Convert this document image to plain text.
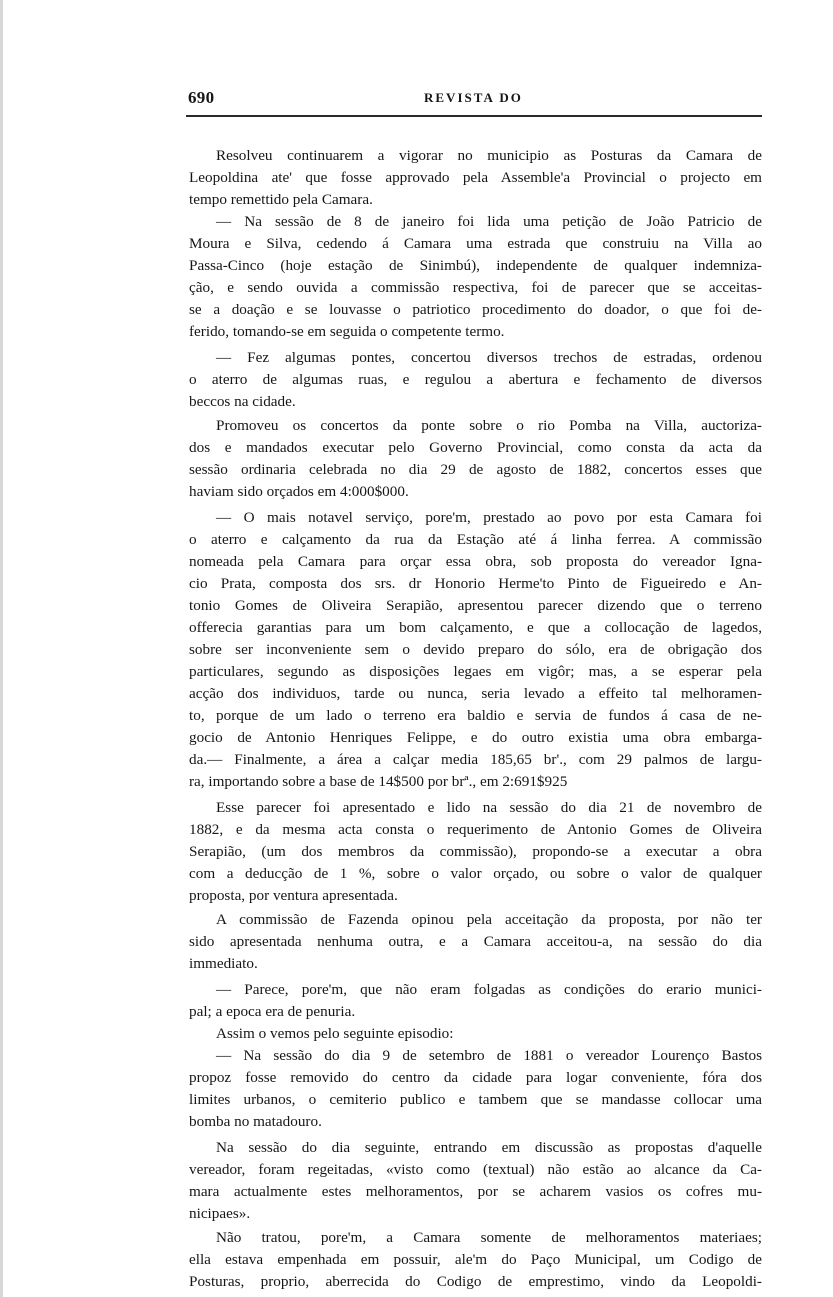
690	REVISTA DO
Resolveu continuarem a vigorar no municipio as Posturas da Camara de
Leopoldina ate' que fosse approvado pela Assemble'a Provincial o projecto em
tempo remettido pela Camara.
— Na sessão de 8 de janeiro foi lida uma petição de João Patricio de
Moura e Silva, cedendo á Camara uma estrada que construiu na Villa ao
Passa-Cinco (hoje estação de Sinimbú), independente de qualquer indemniza-
ção, e sendo ouvida a commissão respectiva, foi de parecer que se acceitas-
se a doação e se louvasse o patriotico procedimento do doador, o que foi de-
ferido, tomando-se em seguida o competente termo.
— Fez algumas pontes, concertou diversos trechos de estradas, ordenou
o aterro de algumas ruas, e regulou a abertura e fechamento de diversos
beccos na cidade.
Promoveu os concertos da ponte sobre o rio Pomba na Villa, auctoriza-
dos e mandados executar pelo Governo Provincial, como consta da acta da
sessão ordinaria celebrada no dia 29 de agosto de 1882, concertos esses que
haviam sido orçados em 4:000$000.
— O mais notavel serviço, pore'm, prestado ao povo por esta Camara foi
o aterro e calçamento da rua da Estação até á linha ferrea. A commissão
nomeada pela Camara para orçar essa obra, sob proposta do vereador Igna-
cio Prata, composta dos srs. dr Honorio Herme'to Pinto de Figueiredo e An-
tonio Gomes de Oliveira Serapião, apresentou parecer dizendo que o terreno
offerecia garantias para um bom calçamento, e que a collocação de lagedos,
sobre ser inconveniente sem o devido preparo do sólo, era de obrigação dos
particulares, segundo as disposições legaes em vigôr; mas, a se esperar pela
acção dos individuos, tarde ou nunca, seria levado a effeito tal melhoramen-
to, porque de um lado o terreno era baldio e servia de fundos á casa de ne-
gocio de Antonio Henriques Felippe, e do outro existia uma obra embarga-
da.— Finalmente, a área a calçar media 185,65 br'., com 29 palmos de largu-
ra, importando sobre a base de 14$500 por brª., em 2:691$925
Esse parecer foi apresentado e lido na sessão do dia 21 de novembro de
1882, e da mesma acta consta o requerimento de Antonio Gomes de Oliveira
Serapião, (um dos membros da commissão), propondo-se a executar a obra
com a deducção de 1 %, sobre o valor orçado, ou sobre o valor de qualquer
proposta, por ventura apresentada.
A commissão de Fazenda opinou pela acceitação da proposta, por não ter
sido apresentada nenhuma outra, e a Camara acceitou-a, na sessão do dia
immediato.
— Parece, pore'm, que não eram folgadas as condições do erario munici-
pal; a epoca era de penuria.
Assim o vemos pelo seguinte episodio:
— Na sessão do dia 9 de setembro de 1881 o vereador Lourenço Bastos
propoz fosse removido do centro da cidade para logar conveniente, fóra dos
limites urbanos, o cemiterio publico e tambem que se mandasse collocar uma
bomba no matadouro.
Na sessão do dia seguinte, entrando em discussão as propostas d'aquelle
vereador, foram regeitadas, «visto como (textual) não estão ao alcance da Ca-
mara actualmente estes melhoramentos, por se acharem vasios os cofres mu-
nicipaes».
Não tratou, pore'm, a Camara somente de melhoramentos materiaes;
ella estava empenhada em possuir, ale'm do Paço Municipal, um Codigo de
Posturas, proprio, aberrecida do Codigo de emprestimo, vindo da Leopoldi-
